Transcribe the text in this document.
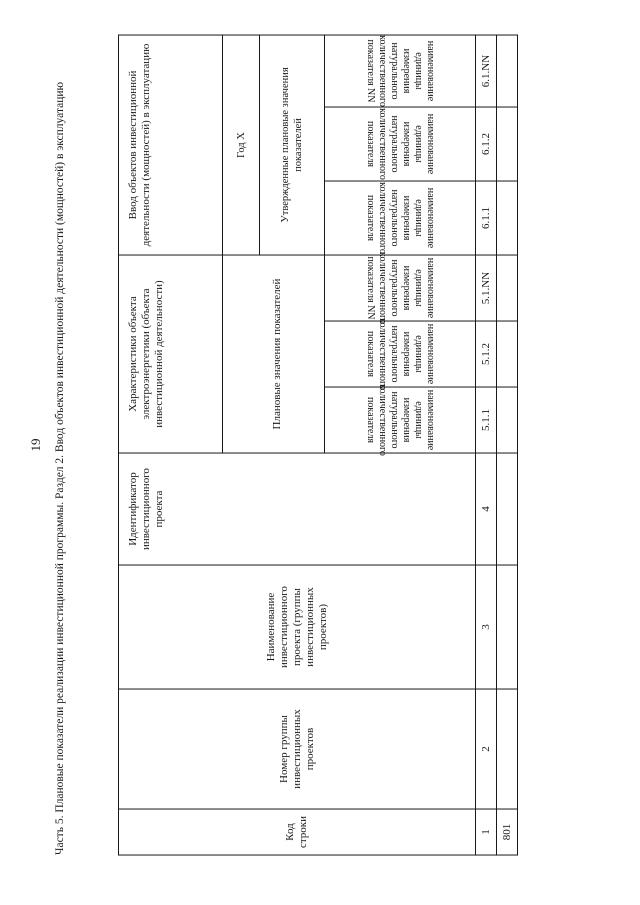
19 Часть 5. Плановые показатели реализации инвестиционной программы. Раздел 2. Ввод объектов инвестиционной деятельности (мощностей) в эксплуатацию	Код строки	Номер группы инвестиционных проектов	Наименование инвестиционного проекта (группы инвестиционных проектов)	Идентификатор инвестиционного проекта	Характеристики объекта электроэнергетики (объекта инвестиционной деятельности)			Ввод объектов инвестиционной деятельности (мощностей) в эксплуатацию		
				Плановые значения показателей			Год X		
							Утвержденные плановые значения показателей		

наименование единицы измерения натурального количественного показателя	наименование единицы измерения натурального количественного показателя	наименование единицы измерения натурального количественного показателя NN	наименование единицы измерения натурального количественного показателя	наименование единицы измерения натурального количественного показателя	наименование единицы измерения натурального количественного показателя NN

1	2	3	4	5.1.1	5.1.2	5.1.NN	6.1.1	6.1.2	6.1.NN
801									
